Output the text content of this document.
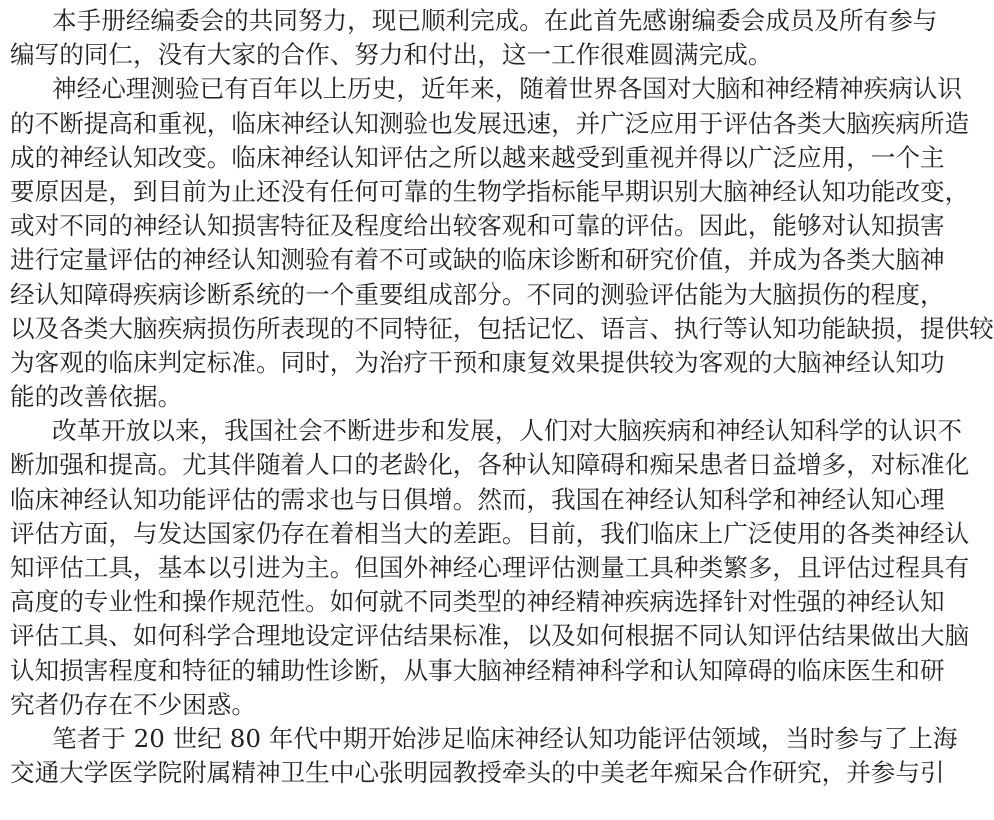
本手册经编委会的共同努力，现已顺利完成。在此首先感谢编委会成员及所有参与
编写的同仁，没有大家的合作、努力和付出，这一工作很难圆满完成。
神经心理测验已有百年以上历史，近年来，随着世界各国对大脑和神经精神疾病认识
的不断提高和重视，临床神经认知测验也发展迅速，并广泛应用于评估各类大脑疾病所造
成的神经认知改变。临床神经认知评估之所以越来越受到重视并得以广泛应用，一个主
要原因是，到目前为止还没有任何可靠的生物学指标能早期识别大脑神经认知功能改变，
或对不同的神经认知损害特征及程度给出较客观和可靠的评估。因此，能够对认知损害
进行定量评估的神经认知测验有着不可或缺的临床诊断和研究价值，并成为各类大脑神
经认知障碍疾病诊断系统的一个重要组成部分。不同的测验评估能为大脑损伤的程度，
以及各类大脑疾病损伤所表现的不同特征，包括记忆、语言、执行等认知功能缺损，提供较
为客观的临床判定标准。同时，为治疗干预和康复效果提供较为客观的大脑神经认知功
能的改善依据。
改革开放以来，我国社会不断进步和发展，人们对大脑疾病和神经认知科学的认识不
断加强和提高。尤其伴随着人口的老龄化，各种认知障碍和痴呆患者日益增多，对标准化
临床神经认知功能评估的需求也与日俱增。然而，我国在神经认知科学和神经认知心理
评估方面，与发达国家仍存在着相当大的差距。目前，我们临床上广泛使用的各类神经认
知评估工具，基本以引进为主。但国外神经心理评估测量工具种类繁多，且评估过程具有
高度的专业性和操作规范性。如何就不同类型的神经精神疾病选择针对性强的神经认知
评估工具、如何科学合理地设定评估结果标准，以及如何根据不同认知评估结果做出大脑
认知损害程度和特征的辅助性诊断，从事大脑神经精神科学和认知障碍的临床医生和研
究者仍存在不少困惑。
笔者于 20 世纪 80 年代中期开始涉足临床神经认知功能评估领域，当时参与了上海
交通大学医学院附属精神卫生中心张明园教授牵头的中美老年痴呆合作研究，并参与引
